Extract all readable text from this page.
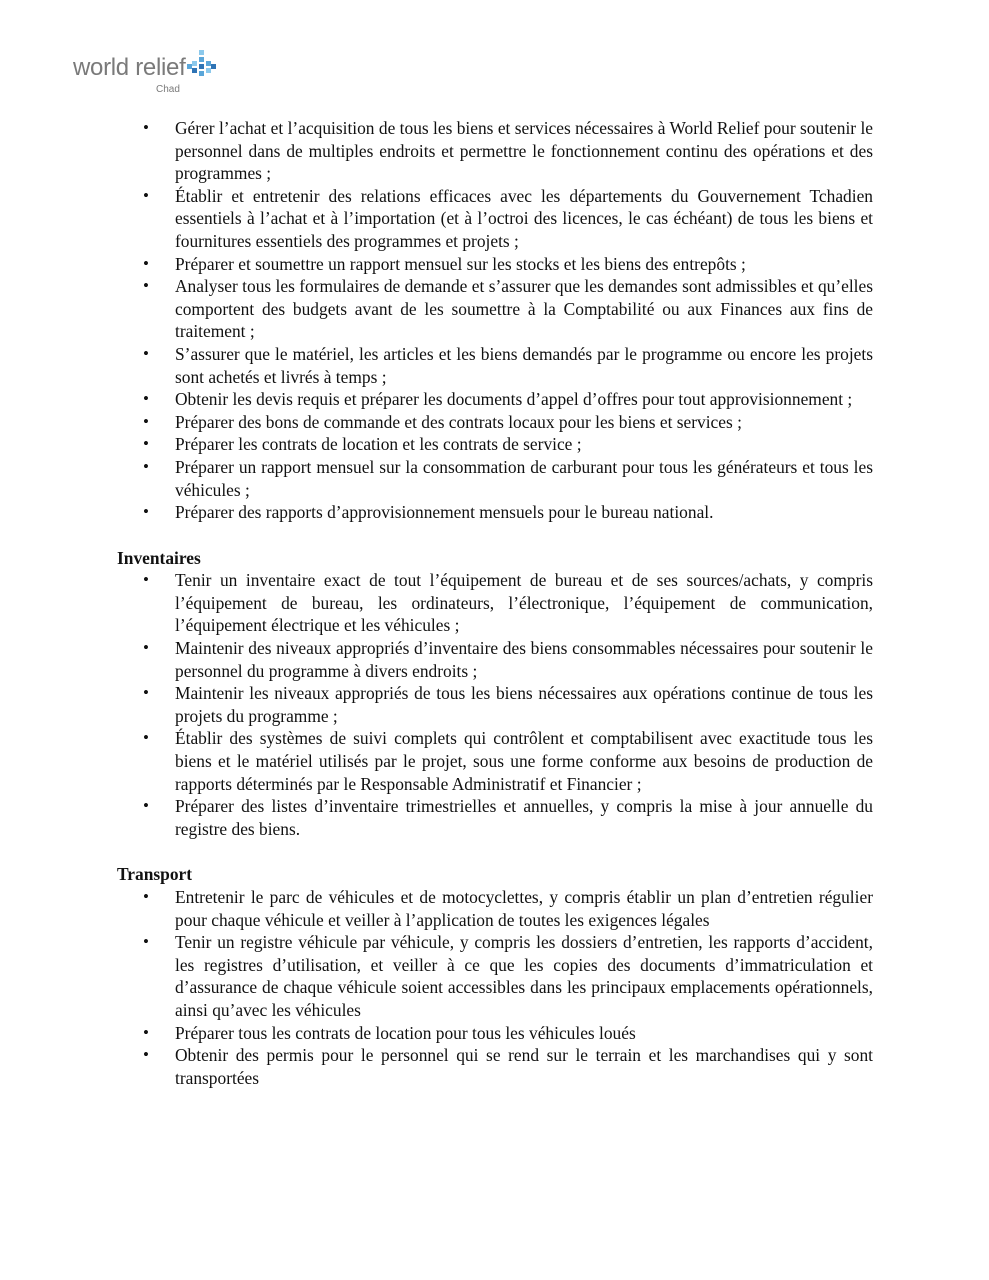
world relief
Chad
• Gérer l’achat et l’acquisition de tous les biens et services nécessaires à World Relief pour soutenir le personnel dans de multiples endroits et permettre le fonctionnement continu des opérations et des programmes ;
• Établir et entretenir des relations efficaces avec les départements du Gouvernement Tchadien essentiels à l’achat et à l’importation (et à l’octroi des licences, le cas échéant) de tous les biens et fournitures essentiels des programmes et projets ;
• Préparer et soumettre un rapport mensuel sur les stocks et les biens des entrepôts ;
• Analyser tous les formulaires de demande et s’assurer que les demandes sont admissibles et qu’elles comportent des budgets avant de les soumettre à la Comptabilité ou aux Finances aux fins de traitement ;
• S’assurer que le matériel, les articles et les biens demandés par le programme ou encore les projets sont achetés et livrés à temps ;
• Obtenir les devis requis et préparer les documents d’appel d’offres pour tout approvisionnement ;
• Préparer des bons de commande et des contrats locaux pour les biens et services ;
• Préparer les contrats de location et les contrats de service ;
• Préparer un rapport mensuel sur la consommation de carburant pour tous les générateurs et tous les véhicules ;
• Préparer des rapports d’approvisionnement mensuels pour le bureau national.
Inventaires
• Tenir un inventaire exact de tout l’équipement de bureau et de ses sources/achats, y compris l’équipement de bureau, les ordinateurs, l’électronique, l’équipement de communication, l’équipement électrique et les véhicules ;
• Maintenir des niveaux appropriés d’inventaire des biens consommables nécessaires pour soutenir le personnel du programme à divers endroits ;
• Maintenir les niveaux appropriés de tous les biens nécessaires aux opérations continue de tous les projets du programme ;
• Établir des systèmes de suivi complets qui contrôlent et comptabilisent avec exactitude tous les biens et le matériel utilisés par le projet, sous une forme conforme aux besoins de production de rapports déterminés par le Responsable Administratif et Financier ;
• Préparer des listes d’inventaire trimestrielles et annuelles, y compris la mise à jour annuelle du registre des biens.
Transport
• Entretenir le parc de véhicules et de motocyclettes, y compris établir un plan d’entretien régulier pour chaque véhicule et veiller à l’application de toutes les exigences légales
• Tenir un registre véhicule par véhicule, y compris les dossiers d’entretien, les rapports d’accident, les registres d’utilisation, et veiller à ce que les copies des documents d’immatriculation et d’assurance de chaque véhicule soient accessibles dans les principaux emplacements opérationnels, ainsi qu’avec les véhicules
• Préparer tous les contrats de location pour tous les véhicules loués
• Obtenir des permis pour le personnel qui se rend sur le terrain et les marchandises qui y sont transportées
